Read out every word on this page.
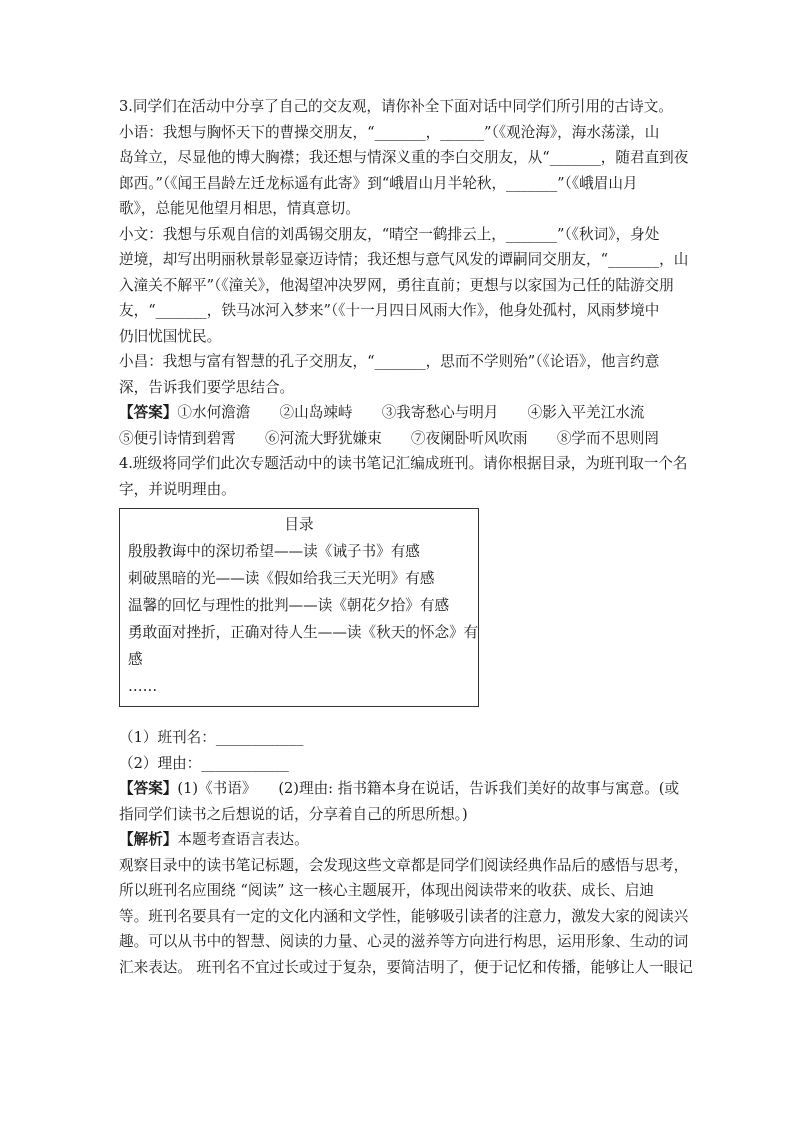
3.同学们在活动中分享了自己的交友观，请你补全下面对话中同学们所引用的古诗文。
小语：我想与胸怀天下的曹操交朋友，“_______，______”（《观沧海》，海水荡漾，山
岛耸立，尽显他的博大胸襟；我还想与情深义重的李白交朋友，从“_______，随君直到夜
郎西。”（《闻王昌龄左迁龙标遥有此寄》到“峨眉山月半轮秋，_______”（《峨眉山月
歌》，总能见他望月相思，情真意切。
小文：我想与乐观自信的刘禹锡交朋友，“晴空一鹤排云上，_______”（《秋词》，身处
逆境，却写出明丽秋景彰显豪迈诗情；我还想与意气风发的谭嗣同交朋友，“_______，山
入潼关不解平”（《潼关》，他渴望冲决罗网，勇往直前；更想与以家国为己任的陆游交朋
友，“_______，铁马冰河入梦来”（《十一月四日风雨大作》，他身处孤村，风雨梦境中
仍旧忧国忧民。
小昌：我想与富有智慧的孔子交朋友，“_______，思而不学则殆”（《论语》，他言约意
深，告诉我们要学思结合。
【答案】①水何澹澹　　②山岛竦峙　　③我寄愁心与明月　　④影入平羌江水流
⑤便引诗情到碧霄　　⑥河流大野犹嫌束　　⑦夜阑卧听风吹雨　　⑧学而不思则罔
4.班级将同学们此次专题活动中的读书笔记汇编成班刊。请你根据目录，为班刊取一个名
字，并说明理由。
目录
殷殷教诲中的深切希望——读《诫子书》有感
刺破黑暗的光——读《假如给我三天光明》有感
温馨的回忆与理性的批判——读《朝花夕拾》有感
勇敢面对挫折，正确对待人生——读《秋天的怀念》有
感
……
（1）班刊名：____________
（2）理由：____________
【答案】(1)《书语》　　(2)理由: 指书籍本身在说话，告诉我们美好的故事与寓意。(或
指同学们读书之后想说的话，分享着自己的所思所想。)
【解析】本题考查语言表达。
观察目录中的读书笔记标题，会发现这些文章都是同学们阅读经典作品后的感悟与思考，
所以班刊名应围绕 “阅读” 这一核心主题展开，体现出阅读带来的收获、成长、启迪
等。班刊名要具有一定的文化内涵和文学性，能够吸引读者的注意力，激发大家的阅读兴
趣。可以从书中的智慧、阅读的力量、心灵的滋养等方向进行构思，运用形象、生动的词
汇来表达。 班刊名不宜过长或过于复杂，要简洁明了，便于记忆和传播，能够让人一眼记
